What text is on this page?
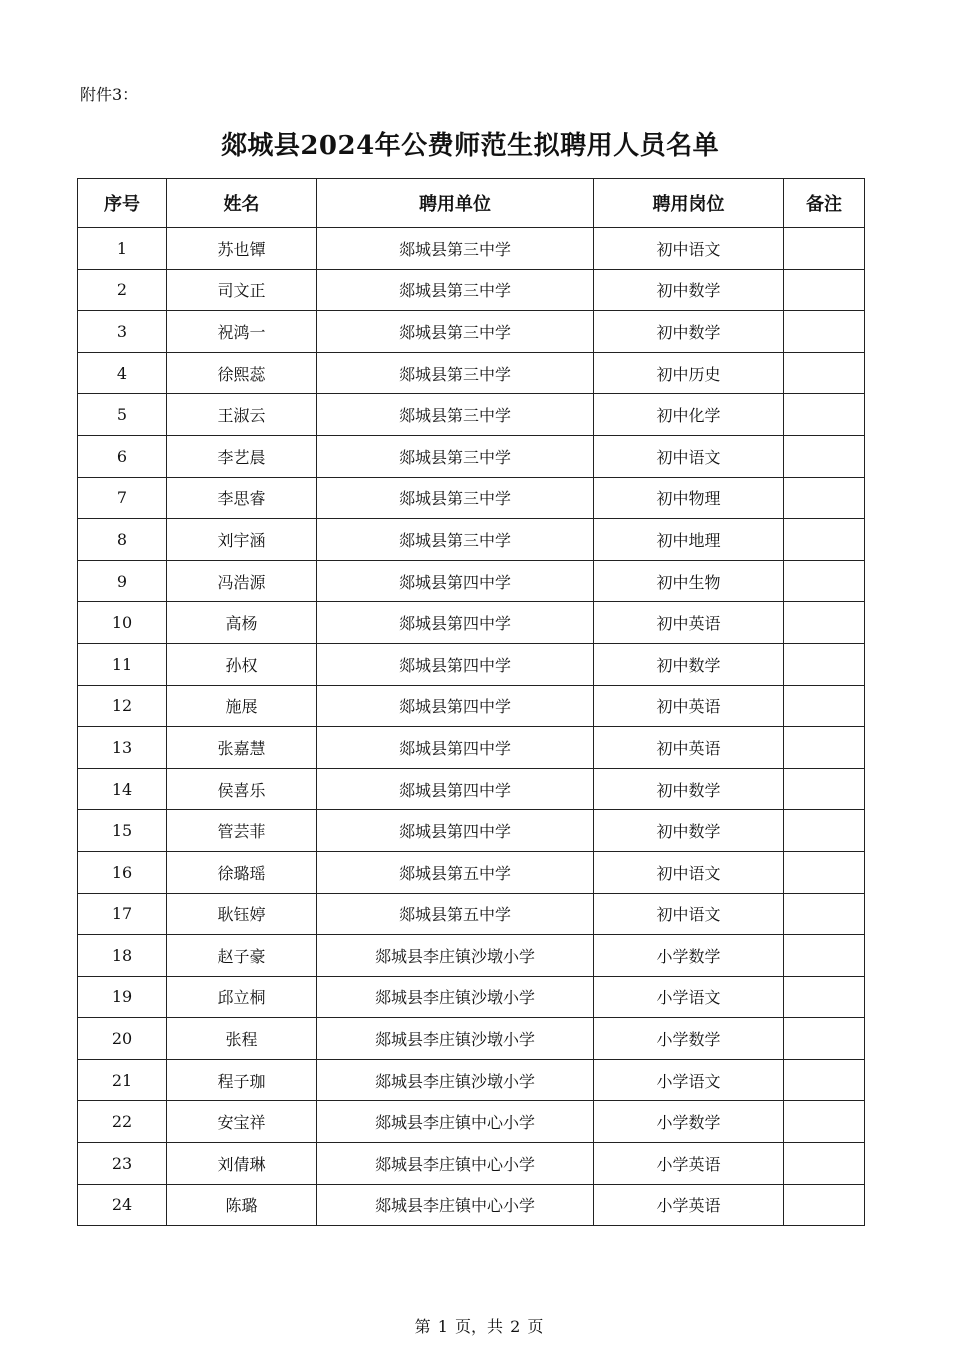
附件3：
郯城县2024年公费师范生拟聘用人员名单
序号	姓名	聘用单位	聘用岗位	备注
1	苏也镡	郯城县第三中学	初中语文	
2	司文正	郯城县第三中学	初中数学	
3	祝鸿一	郯城县第三中学	初中数学	
4	徐熙蕊	郯城县第三中学	初中历史	
5	王淑云	郯城县第三中学	初中化学	
6	李艺晨	郯城县第三中学	初中语文	
7	李思睿	郯城县第三中学	初中物理	
8	刘宇涵	郯城县第三中学	初中地理	
9	冯浩源	郯城县第四中学	初中生物	
10	高杨	郯城县第四中学	初中英语	
11	孙权	郯城县第四中学	初中数学	
12	施展	郯城县第四中学	初中英语	
13	张嘉慧	郯城县第四中学	初中英语	
14	侯喜乐	郯城县第四中学	初中数学	
15	管芸菲	郯城县第四中学	初中数学	
16	徐璐瑶	郯城县第五中学	初中语文	
17	耿钰婷	郯城县第五中学	初中语文	
18	赵子豪	郯城县李庄镇沙墩小学	小学数学	
19	邱立桐	郯城县李庄镇沙墩小学	小学语文	
20	张程	郯城县李庄镇沙墩小学	小学数学	
21	程子珈	郯城县李庄镇沙墩小学	小学语文	
22	安宝祥	郯城县李庄镇中心小学	小学数学	
23	刘倩琳	郯城县李庄镇中心小学	小学英语	
24	陈璐	郯城县李庄镇中心小学	小学英语	
第 1 页，共 2 页
